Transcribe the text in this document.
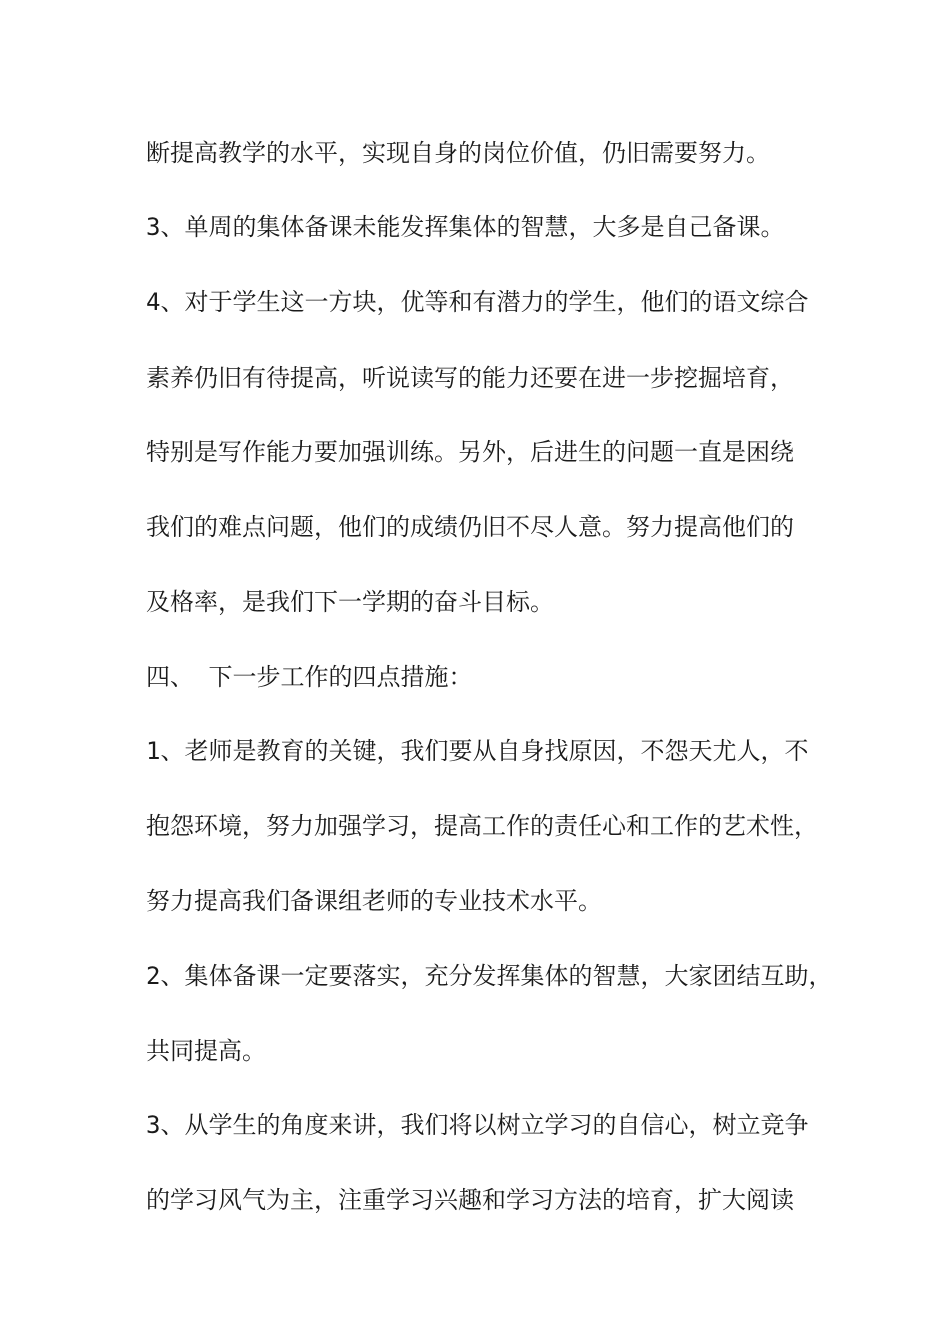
断提高教学的水平，实现自身的岗位价值，仍旧需要努力。
3、单周的集体备课未能发挥集体的智慧，大多是自己备课。
4、对于学生这一方块，优等和有潜力的学生，他们的语文综合
素养仍旧有待提高，听说读写的能力还要在进一步挖掘培育，
特别是写作能力要加强训练。另外，后进生的问题一直是困绕
我们的难点问题，他们的成绩仍旧不尽人意。努力提高他们的
及格率，是我们下一学期的奋斗目标。
四、 下一步工作的四点措施：
1、老师是教育的关键，我们要从自身找原因，不怨天尤人，不
抱怨环境，努力加强学习，提高工作的责任心和工作的艺术性，
努力提高我们备课组老师的专业技术水平。
2、集体备课一定要落实，充分发挥集体的智慧，大家团结互助，
共同提高。
3、从学生的角度来讲，我们将以树立学习的自信心，树立竞争
的学习风气为主，注重学习兴趣和学习方法的培育，扩大阅读
